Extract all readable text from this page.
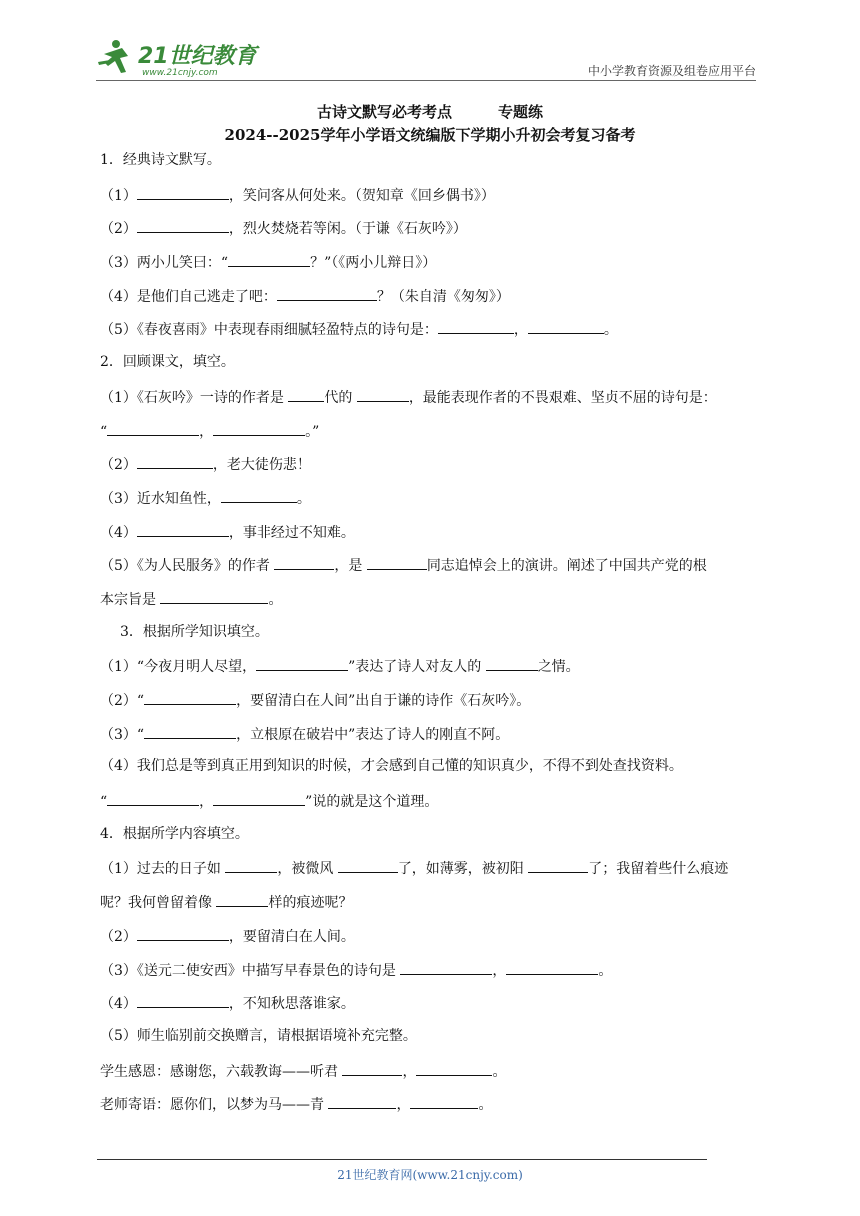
21世纪教育
www.21cnjy.com	中小学教育资源及组卷应用平台
古诗文默写必考考点	专题练
2024--2025学年小学语文统编版下学期小升初会考复习备考
1．经典诗文默写。
（1）	，笑问客从何处来。（贺知章《回乡偶书》）
（2）	，烈火焚烧若等闲。（于谦《石灰吟》）
（3）两小儿笑曰：“	？”（《两小儿辩日》）
（4）是他们自己逃走了吧：	？（朱自清《匆匆》）
（5）《春夜喜雨》中表现春雨细腻轻盈特点的诗句是：	，	。
2．回顾课文，填空。
（1）《石灰吟》一诗的作者是	代的	，最能表现作者的不畏艰难、坚贞不屈的诗句是：
“	，	。”
（2）	，老大徒伤悲！
（3）近水知鱼性，	。
（4）	，事非经过不知难。
（5）《为人民服务》的作者	，是	同志追悼会上的演讲。阐述了中国共产党的根
本宗旨是	。
3．根据所学知识填空。
（1）“今夜月明人尽望，	”表达了诗人对友人的	之情。
（2）“	，要留清白在人间”出自于谦的诗作《石灰吟》。
（3）“	，立根原在破岩中”表达了诗人的刚直不阿。
（4）我们总是等到真正用到知识的时候，才会感到自己懂的知识真少，不得不到处查找资料。
“	，	”说的就是这个道理。
4．根据所学内容填空。
（1）过去的日子如	，被微风	了，如薄雾，被初阳	了；我留着些什么痕迹
呢？我何曾留着像	样的痕迹呢？
（2）	，要留清白在人间。
（3）《送元二使安西》中描写早春景色的诗句是	，	。
（4）	，不知秋思落谁家。
（5）师生临别前交换赠言，请根据语境补充完整。
学生感恩：感谢您，六载教诲——听君	，	。
老师寄语：愿你们，以梦为马——青	，	。
21世纪教育网(www.21cnjy.com)
